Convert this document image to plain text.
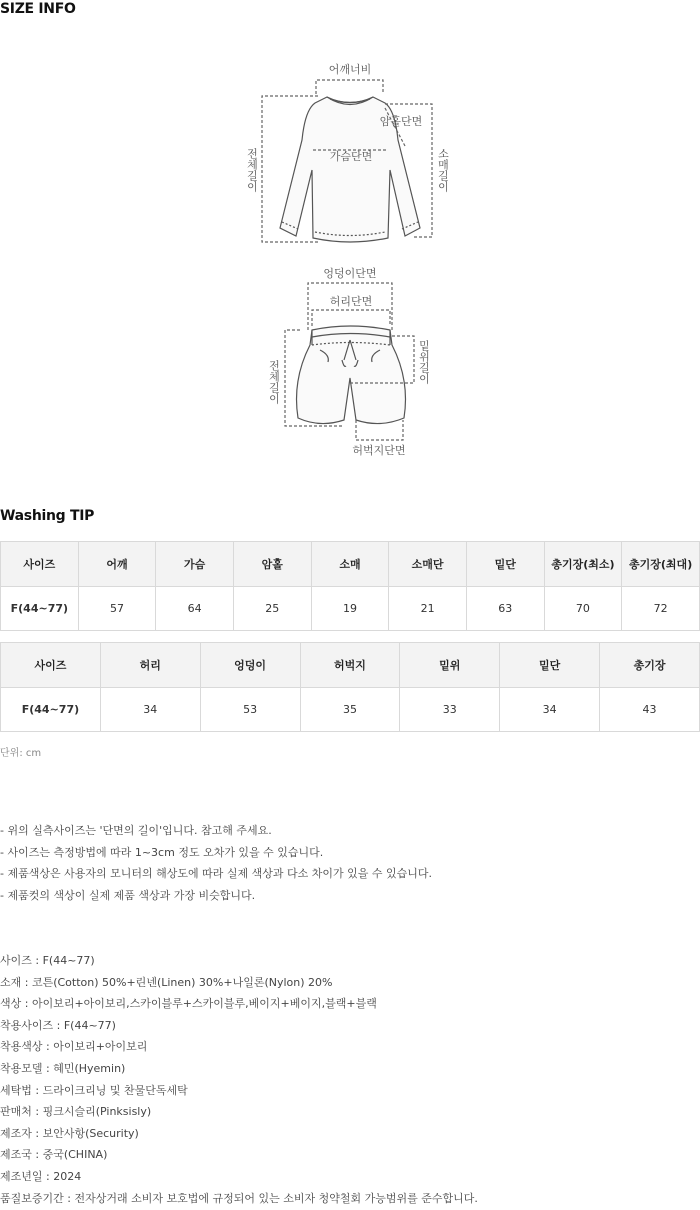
SIZE INFO
어깨너비
암홀단면
가슴단면
전체길이	소매길이
엉덩이단면
허리단면
전체길이	밑위길이
허벅지단면
Washing TIP
사이즈	어깨	가슴	암홀	소매	소매단	밑단	총기장(최소)	총기장(최대)
F(44~77)	57	64	25	19	21	63	70	72
사이즈	허리	엉덩이	허벅지	밑위	밑단	총기장
F(44~77)	34	53	35	33	34	43
단위: cm
- 위의 실측사이즈는 '단면의 길이'입니다. 참고해 주세요.
- 사이즈는 측정방법에 따라 1~3cm 정도 오차가 있을 수 있습니다.
- 제품색상은 사용자의 모니터의 해상도에 따라 실제 색상과 다소 차이가 있을 수 있습니다.
- 제품컷의 색상이 실제 제품 색상과 가장 비슷합니다.
사이즈 : F(44~77)
소재 : 코튼(Cotton) 50%+린넨(Linen) 30%+나일론(Nylon) 20%
색상 : 아이보리+아이보리,스카이블루+스카이블루,베이지+베이지,블랙+블랙
착용사이즈 : F(44~77)
착용색상 : 아이보리+아이보리
착용모델 : 혜민(Hyemin)
세탁법 : 드라이크리닝 및 찬물단독세탁
판매처 : 핑크시슬리(Pinksisly)
제조자 : 보안사항(Security)
제조국 : 중국(CHINA)
제조년일 : 2024
품질보증기간 : 전자상거래 소비자 보호법에 규정되어 있는 소비자 청약철회 가능범위를 준수합니다.
